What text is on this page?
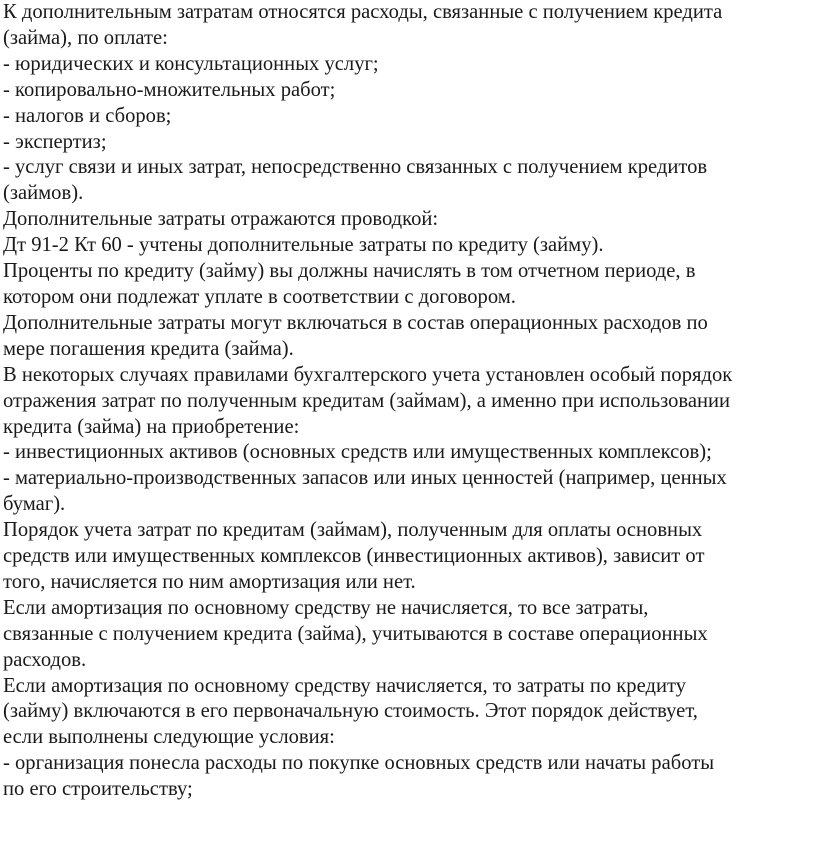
К дополнительным затратам относятся расходы, связанные с получением кредита
(займа), по оплате:
- юридических и консультационных услуг;
- копировально-множительных работ;
- налогов и сборов;
- экспертиз;
- услуг связи и иных затрат, непосредственно связанных с получением кредитов
(займов).
Дополнительные затраты отражаются проводкой:
Дт 91-2 Кт 60 - учтены дополнительные затраты по кредиту (займу).
Проценты по кредиту (займу) вы должны начислять в том отчетном периоде, в
котором они подлежат уплате в соответствии с договором.
Дополнительные затраты могут включаться в состав операционных расходов по
мере погашения кредита (займа).
В некоторых случаях правилами бухгалтерского учета установлен особый порядок
отражения затрат по полученным кредитам (займам), а именно при использовании
кредита (займа) на приобретение:
- инвестиционных активов (основных средств или имущественных комплексов);
- материально-производственных запасов или иных ценностей (например, ценных
бумаг).
Порядок учета затрат по кредитам (займам), полученным для оплаты основных
средств или имущественных комплексов (инвестиционных активов), зависит от
того, начисляется по ним амортизация или нет.
Если амортизация по основному средству не начисляется, то все затраты,
связанные с получением кредита (займа), учитываются в составе операционных
расходов.
Если амортизация по основному средству начисляется, то затраты по кредиту
(займу) включаются в его первоначальную стоимость. Этот порядок действует,
если выполнены следующие условия:
- организация понесла расходы по покупке основных средств или начаты работы
по его строительству;
